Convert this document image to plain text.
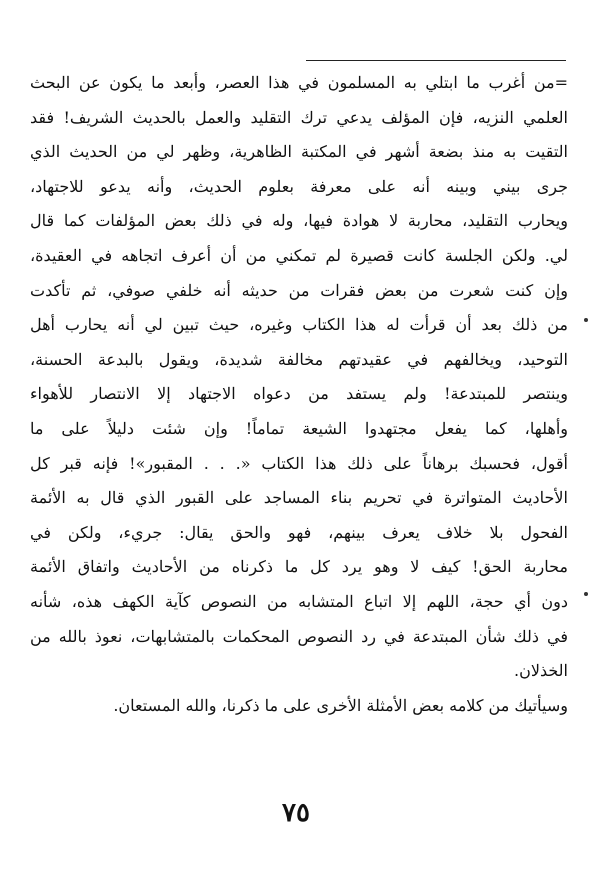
=من أغرب ما ابتلي به المسلمون في هذا العصر، وأبعد ما يكون عن البحث
العلمي النزيه، فإن المؤلف يدعي ترك التقليد والعمل بالحديث الشريف! فقد
التقيت به منذ بضعة أشهر في المكتبة الظاهرية، وظهر لي من الحديث الذي
جرى بيني وبينه أنه على معرفة بعلوم الحديث، وأنه يدعو للاجتهاد،
ويحارب التقليد، محاربة لا هوادة فيها، وله في ذلك بعض المؤلفات كما قال
لي. ولكن الجلسة كانت قصيرة لم تمكني من أن أعرف اتجاهه في العقيدة،
وإن كنت شعرت من بعض فقرات من حديثه أنه خلفي صوفي، ثم تأكدت
من ذلك بعد أن قرأت له هذا الكتاب وغيره، حيث تبين لي أنه يحارب أهل
التوحيد، ويخالفهم في عقيدتهم مخالفة شديدة، ويقول بالبدعة الحسنة،
وينتصر للمبتدعة! ولم يستفد من دعواه الاجتهاد إلا الانتصار للأهواء
وأهلها، كما يفعل مجتهدوا الشيعة تماماً! وإن شئت دليلاً على ما
أقول، فحسبك برهاناً على ذلك هذا الكتاب «. . . المقبور»! فإنه قبر كل
الأحاديث المتواترة في تحريم بناء المساجد على القبور الذي قال به الأئمة
الفحول بلا خلاف يعرف بينهم، فهو والحق يقال: جريء، ولكن في
محاربة الحق! كيف لا وهو يرد كل ما ذكرناه من الأحاديث واتفاق الأئمة
دون أي حجة، اللهم إلا اتباع المتشابه من النصوص كآية الكهف هذه، شأنه
في ذلك شأن المبتدعة في رد النصوص المحكمات بالمتشابهات، نعوذ بالله من
الخذلان.
وسيأتيك من كلامه بعض الأمثلة الأخرى على ما ذكرنا، والله المستعان.
٧٥
